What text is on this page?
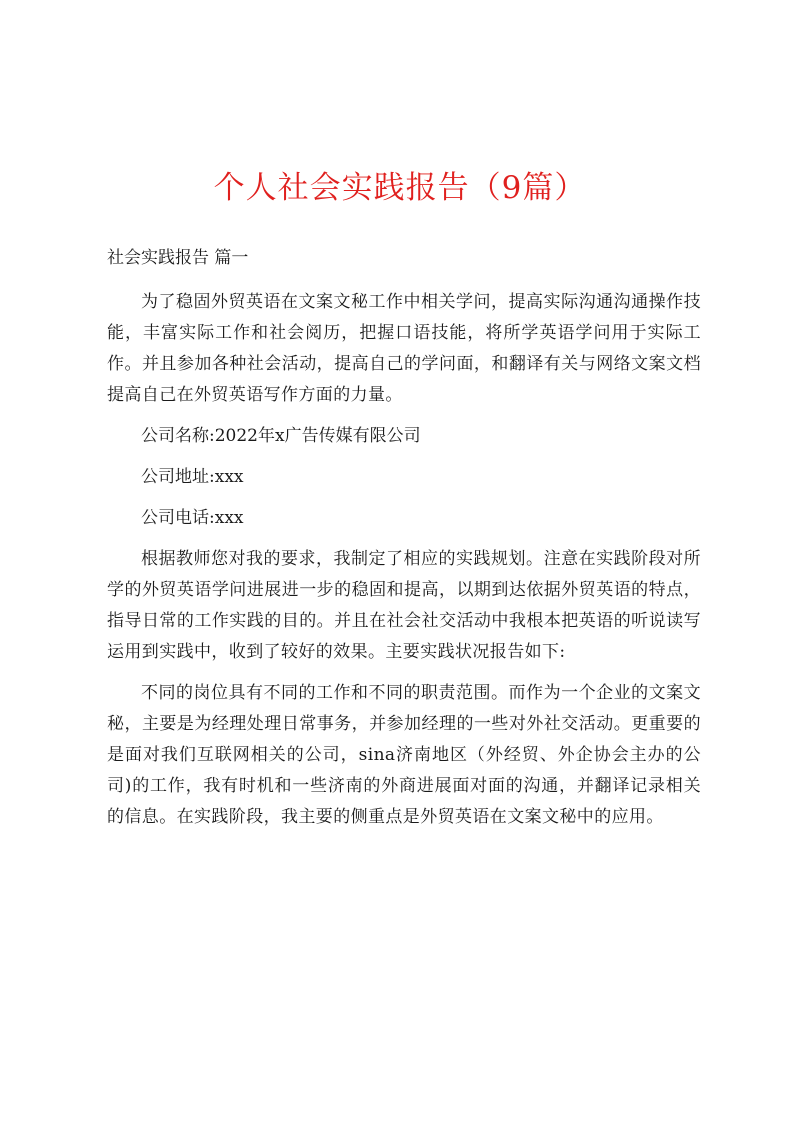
个人社会实践报告（9篇）

社会实践报告 篇一

为了稳固外贸英语在文案文秘工作中相关学问，提高实际沟通沟通操作技能，丰富实际工作和社会阅历，把握口语技能，将所学英语学问用于实际工作。并且参加各种社会活动，提高自己的学问面，和翻译有关与网络文案文档提高自己在外贸英语写作方面的力量。

公司名称:2022年x广告传媒有限公司

公司地址:xxx

公司电话:xxx

根据教师您对我的要求，我制定了相应的实践规划。注意在实践阶段对所学的外贸英语学问进展进一步的稳固和提高，以期到达依据外贸英语的特点，指导日常的工作实践的目的。并且在社会社交活动中我根本把英语的听说读写运用到实践中，收到了较好的效果。主要实践状况报告如下:

不同的岗位具有不同的工作和不同的职责范围。而作为一个企业的文案文秘，主要是为经理处理日常事务，并参加经理的一些对外社交活动。更重要的是面对我们互联网相关的公司，sina济南地区（外经贸、外企协会主办的公司)的工作，我有时机和一些济南的外商进展面对面的沟通，并翻译记录相关的信息。在实践阶段，我主要的侧重点是外贸英语在文案文秘中的应用。
